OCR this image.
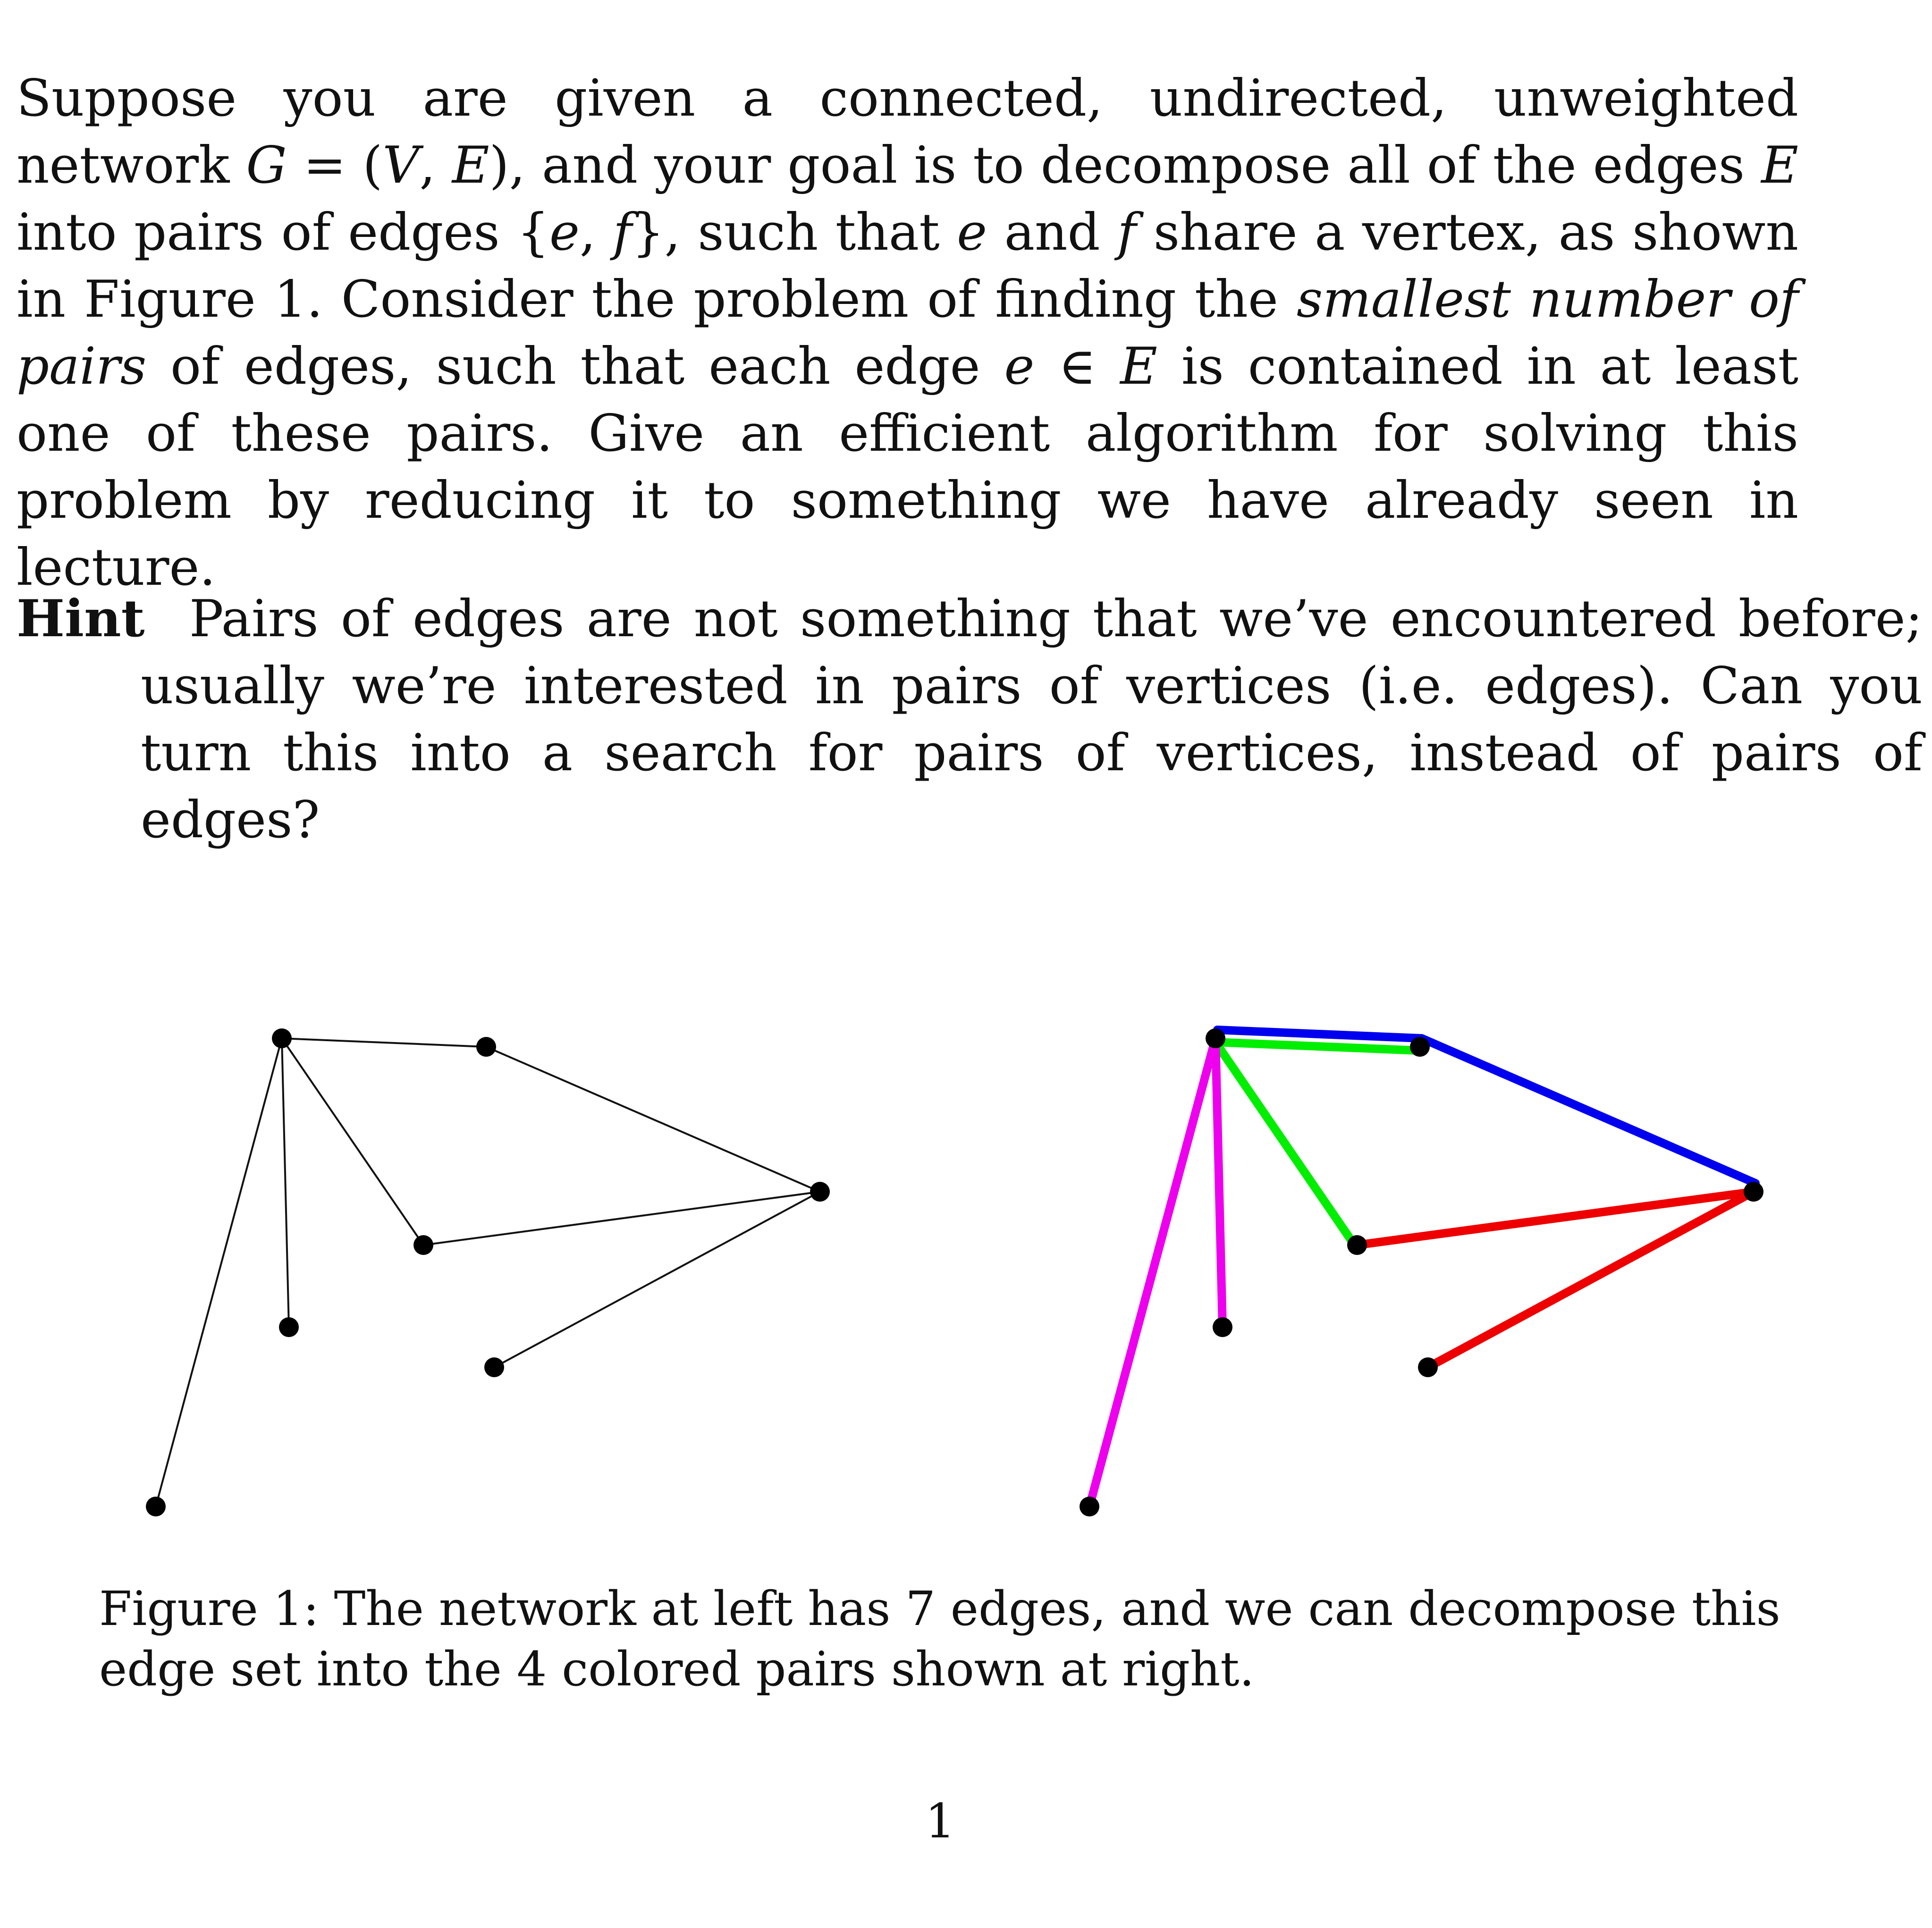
Suppose you are given a connected, undirected, unweighted network G = (V, E), and your goal is to decompose all of the edges E into pairs of edges {e, f}, such that e and f share a vertex, as shown in Figure 1. Consider the problem of finding the smallest number of pairs of edges, such that each edge e ∈ E is contained in at least one of these pairs. Give an efficient algorithm for solving this problem by reducing it to something we have already seen in lecture.
Hint Pairs of edges are not something that we’ve encountered before; usually we’re interested in pairs of vertices (i.e. edges). Can you turn this into a search for pairs of vertices, instead of pairs of edges?
Figure 1: The network at left has 7 edges, and we can decompose this edge set into the 4 colored pairs shown at right.
1
